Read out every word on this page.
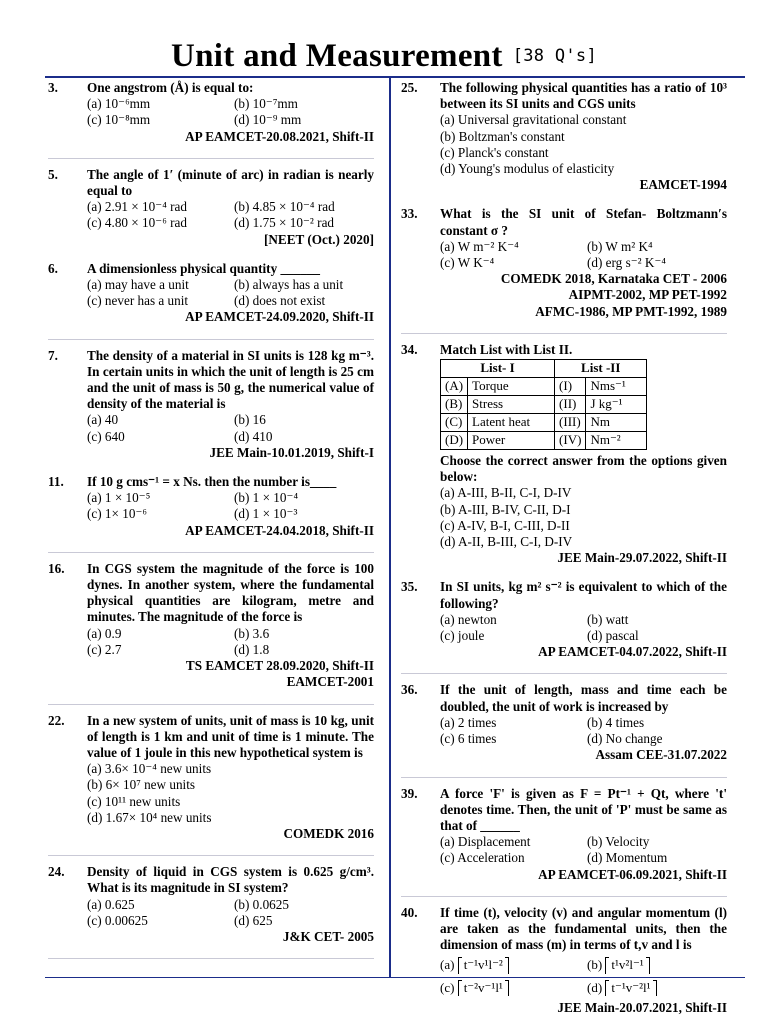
Unit and Measurement [38 Q's]
3. One angstrom (Å) is equal to:
(a) 10⁻⁶mm	(b) 10⁻⁷mm
(c) 10⁻⁸mm	(d) 10⁻⁹ mm
AP EAMCET-20.08.2021, Shift-II
5. The angle of 1′ (minute of arc) in radian is nearly equal to
(a) 2.91 × 10⁻⁴ rad	(b) 4.85 × 10⁻⁴ rad
(c) 4.80 × 10⁻⁶ rad	(d) 1.75 × 10⁻² rad
[NEET (Oct.) 2020]
6. A dimensionless physical quantity ______
(a) may have a unit	(b) always has a unit
(c) never has a unit	(d) does not exist
AP EAMCET-24.09.2020, Shift-II
7. The density of a material in SI units is 128 kg m⁻³. In certain units in which the unit of length is 25 cm and the unit of mass is 50 g, the numerical value of density of the material is
(a) 40	(b) 16
(c) 640	(d) 410
JEE Main-10.01.2019, Shift-I
11. If 10 g cms⁻¹ = x Ns. then the number is____
(a) 1 × 10⁻⁵	(b) 1 × 10⁻⁴
(c) 1× 10⁻⁶	(d) 1 × 10⁻³
AP EAMCET-24.04.2018, Shift-II
16. In CGS system the magnitude of the force is 100 dynes. In another system, where the fundamental physical quantities are kilogram, metre and minutes. The magnitude of the force is
(a) 0.9	(b) 3.6
(c) 2.7	(d) 1.8
TS EAMCET 28.09.2020, Shift-II
EAMCET-2001
22. In a new system of units, unit of mass is 10 kg, unit of length is 1 km and unit of time is 1 minute. The value of 1 joule in this new hypothetical system is
(a) 3.6× 10⁻⁴ new units
(b) 6× 10⁷ new units
(c) 10¹¹ new units
(d) 1.67× 10⁴ new units
COMEDK 2016
24. Density of liquid in CGS system is 0.625 g/cm³. What is its magnitude in SI system?
(a) 0.625	(b) 0.0625
(c) 0.00625	(d) 625
J&K CET- 2005
25. The following physical quantities has a ratio of 10³ between its SI units and CGS units
(a) Universal gravitational constant
(b) Boltzman's constant
(c) Planck's constant
(d) Young's modulus of elasticity
EAMCET-1994
33. What is the SI unit of Stefan- Boltzmann′s constant σ ?
(a) W m⁻² K⁻⁴	(b) W m² K⁴
(c) W K⁻⁴	(d) erg s⁻² K⁻⁴
COMEDK 2018, Karnataka CET - 2006
AIPMT-2002, MP PET-1992
AFMC-1986, MP PMT-1992, 1989
34. Match List with List II.
List- I		List -II	
(A)	Torque	(I)	Nms⁻¹
(B)	Stress	(II)	J kg⁻¹
(C)	Latent heat	(III)	Nm
(D)	Power	(IV)	Nm⁻²
Choose the correct answer from the options given below:
(a) A-III, B-II, C-I, D-IV
(b) A-III, B-IV, C-II, D-I
(c) A-IV, B-I, C-III, D-II
(d) A-II, B-III, C-I, D-IV
JEE Main-29.07.2022, Shift-II
35. In SI units, kg m² s⁻² is equivalent to which of the following?
(a) newton	(b) watt
(c) joule	(d) pascal
AP EAMCET-04.07.2022, Shift-II
36. If the unit of length, mass and time each be doubled, the unit of work is increased by
(a) 2 times	(b) 4 times
(c) 6 times	(d) No change
Assam CEE-31.07.2022
39. A force 'F' is given as F = Pt⁻¹ + Qt, where 't' denotes time. Then, the unit of 'P' must be same as that of ______
(a) Displacement	(b) Velocity
(c) Acceleration	(d) Momentum
AP EAMCET-06.09.2021, Shift-II
40. If time (t), velocity (v) and angular momentum (l) are taken as the fundamental units, then the dimension of mass (m) in terms of t,v and l is
(a) t⁻¹v¹l⁻²	(b) t¹v²l⁻¹
(c) t⁻²v⁻¹l¹	(d) t⁻¹v⁻²l¹
JEE Main-20.07.2021, Shift-II
